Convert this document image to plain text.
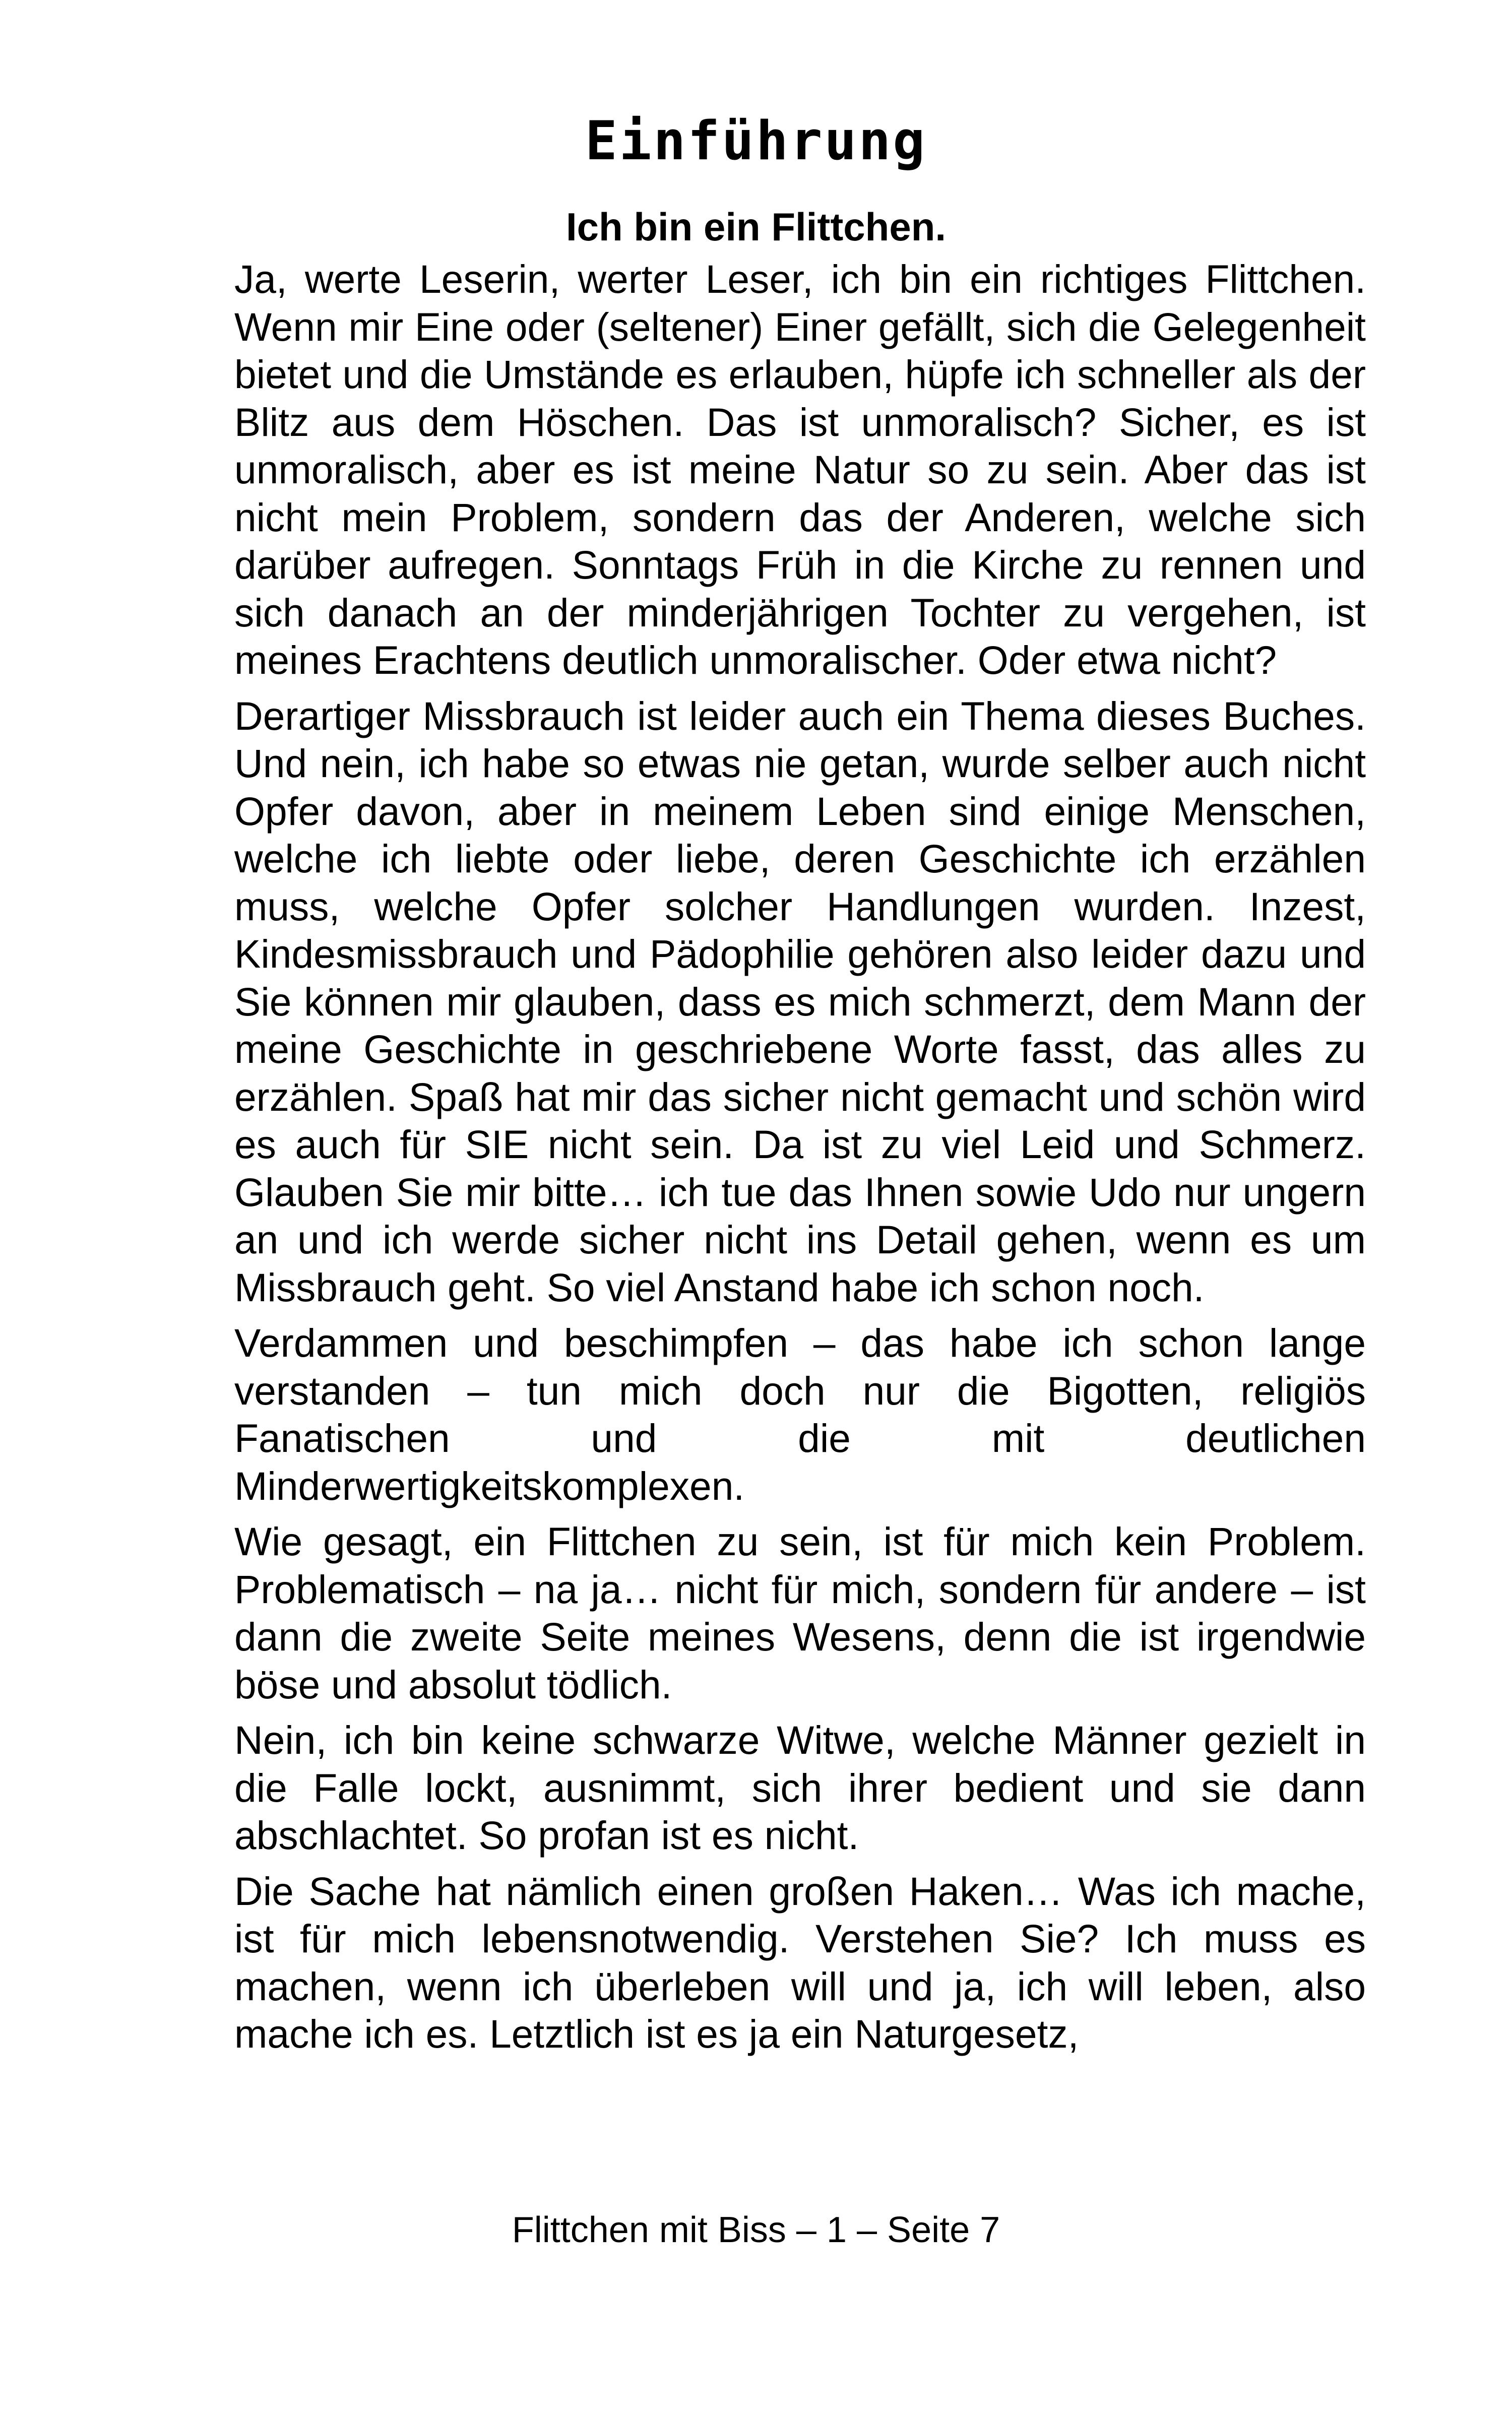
Einführung
Ich bin ein Flittchen.

Ja, werte Leserin, werter Leser, ich bin ein richtiges Flittchen. Wenn mir Eine oder (seltener) Einer gefällt, sich die Gelegenheit bietet und die Umstände es erlauben, hüpfe ich schneller als der Blitz aus dem Höschen. Das ist unmoralisch? Sicher, es ist unmoralisch, aber es ist meine Natur so zu sein. Aber das ist nicht mein Problem, sondern das der Anderen, welche sich darüber aufregen. Sonntags Früh in die Kirche zu rennen und sich danach an der minderjährigen Tochter zu vergehen, ist meines Erachtens deutlich unmoralischer. Oder etwa nicht?

Derartiger Missbrauch ist leider auch ein Thema dieses Buches. Und nein, ich habe so etwas nie getan, wurde selber auch nicht Opfer davon, aber in meinem Leben sind einige Menschen, welche ich liebte oder liebe, deren Geschichte ich erzählen muss, welche Opfer solcher Handlungen wurden. Inzest, Kindesmissbrauch und Pädophilie gehören also leider dazu und Sie können mir glauben, dass es mich schmerzt, dem Mann der meine Geschichte in geschriebene Worte fasst, das alles zu erzählen. Spaß hat mir das sicher nicht gemacht und schön wird es auch für SIE nicht sein. Da ist zu viel Leid und Schmerz. Glauben Sie mir bitte… ich tue das Ihnen sowie Udo nur ungern an und ich werde sicher nicht ins Detail gehen, wenn es um Missbrauch geht. So viel Anstand habe ich schon noch.

Verdammen und beschimpfen – das habe ich schon lange verstanden – tun mich doch nur die Bigotten, religiös Fanatischen und die mit deutlichen Minderwertigkeitskomplexen.

Wie gesagt, ein Flittchen zu sein, ist für mich kein Problem. Problematisch – na ja… nicht für mich, sondern für andere – ist dann die zweite Seite meines Wesens, denn die ist irgendwie böse und absolut tödlich.

Nein, ich bin keine schwarze Witwe, welche Männer gezielt in die Falle lockt, ausnimmt, sich ihrer bedient und sie dann abschlachtet. So profan ist es nicht.

Die Sache hat nämlich einen großen Haken… Was ich mache, ist für mich lebensnotwendig. Verstehen Sie? Ich muss es machen, wenn ich überleben will und ja, ich will leben, also mache ich es. Letztlich ist es ja ein Naturgesetz,

Flittchen mit Biss – 1 – Seite 7
